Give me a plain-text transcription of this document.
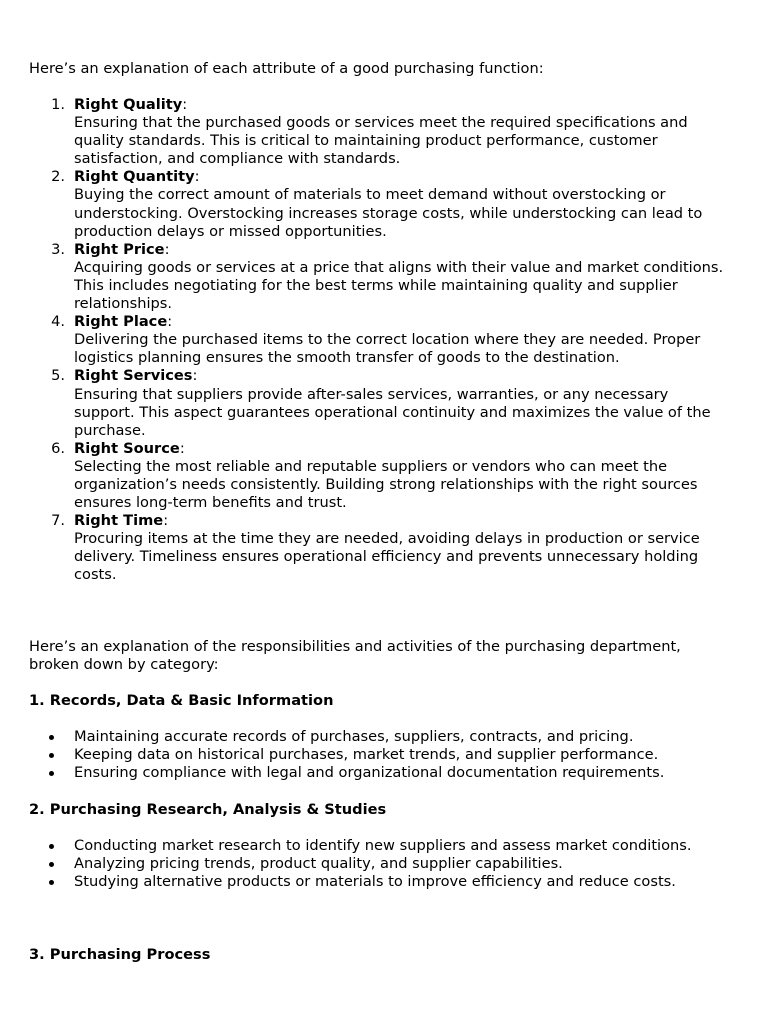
Here’s an explanation of each attribute of a good purchasing function:

1. Right Quality:
Ensuring that the purchased goods or services meet the required specifications and quality standards. This is critical to maintaining product performance, customer satisfaction, and compliance with standards.
2. Right Quantity:
Buying the correct amount of materials to meet demand without overstocking or understocking. Overstocking increases storage costs, while understocking can lead to production delays or missed opportunities.
3. Right Price:
Acquiring goods or services at a price that aligns with their value and market conditions. This includes negotiating for the best terms while maintaining quality and supplier relationships.
4. Right Place:
Delivering the purchased items to the correct location where they are needed. Proper logistics planning ensures the smooth transfer of goods to the destination.
5. Right Services:
Ensuring that suppliers provide after-sales services, warranties, or any necessary support. This aspect guarantees operational continuity and maximizes the value of the purchase.
6. Right Source:
Selecting the most reliable and reputable suppliers or vendors who can meet the organization’s needs consistently. Building strong relationships with the right sources ensures long-term benefits and trust.
7. Right Time:
Procuring items at the time they are needed, avoiding delays in production or service delivery. Timeliness ensures operational efficiency and prevents unnecessary holding costs.

Here’s an explanation of the responsibilities and activities of the purchasing department, broken down by category:

1. Records, Data & Basic Information

Maintaining accurate records of purchases, suppliers, contracts, and pricing.
Keeping data on historical purchases, market trends, and supplier performance.
Ensuring compliance with legal and organizational documentation requirements.

2. Purchasing Research, Analysis & Studies

Conducting market research to identify new suppliers and assess market conditions.
Analyzing pricing trends, product quality, and supplier capabilities.
Studying alternative products or materials to improve efficiency and reduce costs.

3. Purchasing Process
